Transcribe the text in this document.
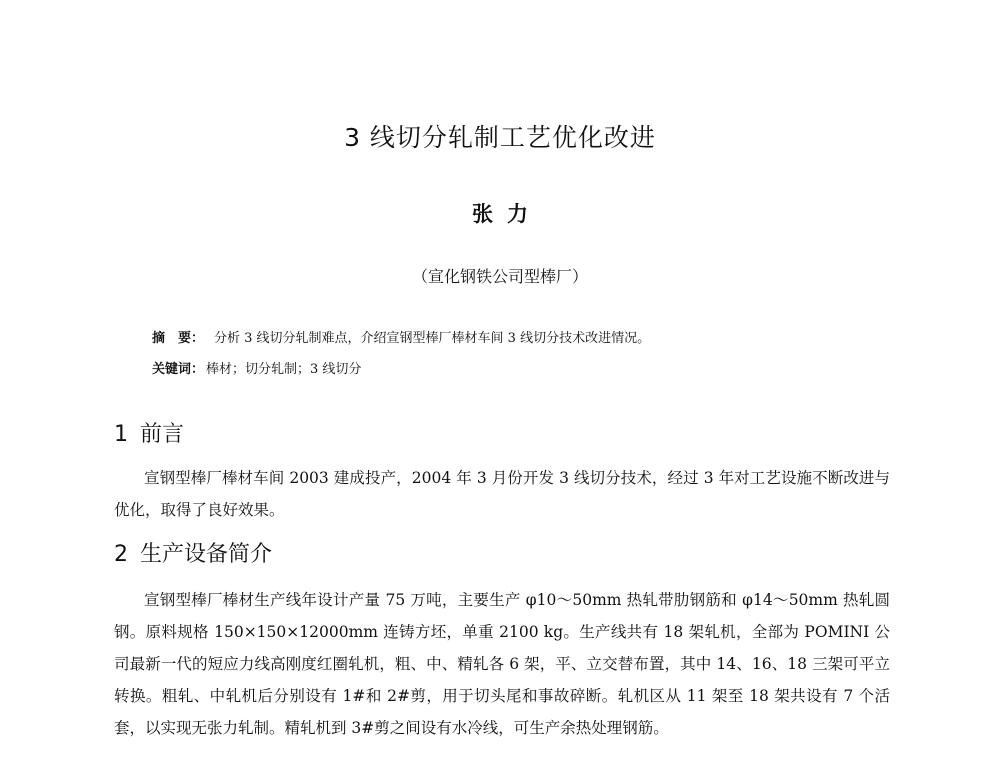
3 线切分轧制工艺优化改进
张力
（宣化钢铁公司型棒厂）
摘　要： 分析 3 线切分轧制难点，介绍宣钢型棒厂棒材车间 3 线切分技术改进情况。
关键词： 棒材；切分轧制；3 线切分
1 前言

宣钢型棒厂棒材车间 2003 建成投产，2004 年 3 月份开发 3 线切分技术，经过 3 年对工艺设施不断改进与优化，取得了良好效果。

2 生产设备简介

宣钢型棒厂棒材生产线年设计产量 75 万吨，主要生产 φ10～50mm 热轧带肋钢筋和 φ14～50mm 热轧圆钢。原料规格 150×150×12000mm 连铸方坯，单重 2100 kg。生产线共有 18 架轧机，全部为 POMINI 公司最新一代的短应力线高刚度红圈轧机，粗、中、精轧各 6 架，平、立交替布置，其中 14、16、18 三架可平立转换。粗轧、中轧机后分别设有 1#和 2#剪，用于切头尾和事故碎断。轧机区从 11 架至 18 架共设有 7 个活套，以实现无张力轧制。精轧机到 3#剪之间设有水冷线，可生产余热处理钢筋。
